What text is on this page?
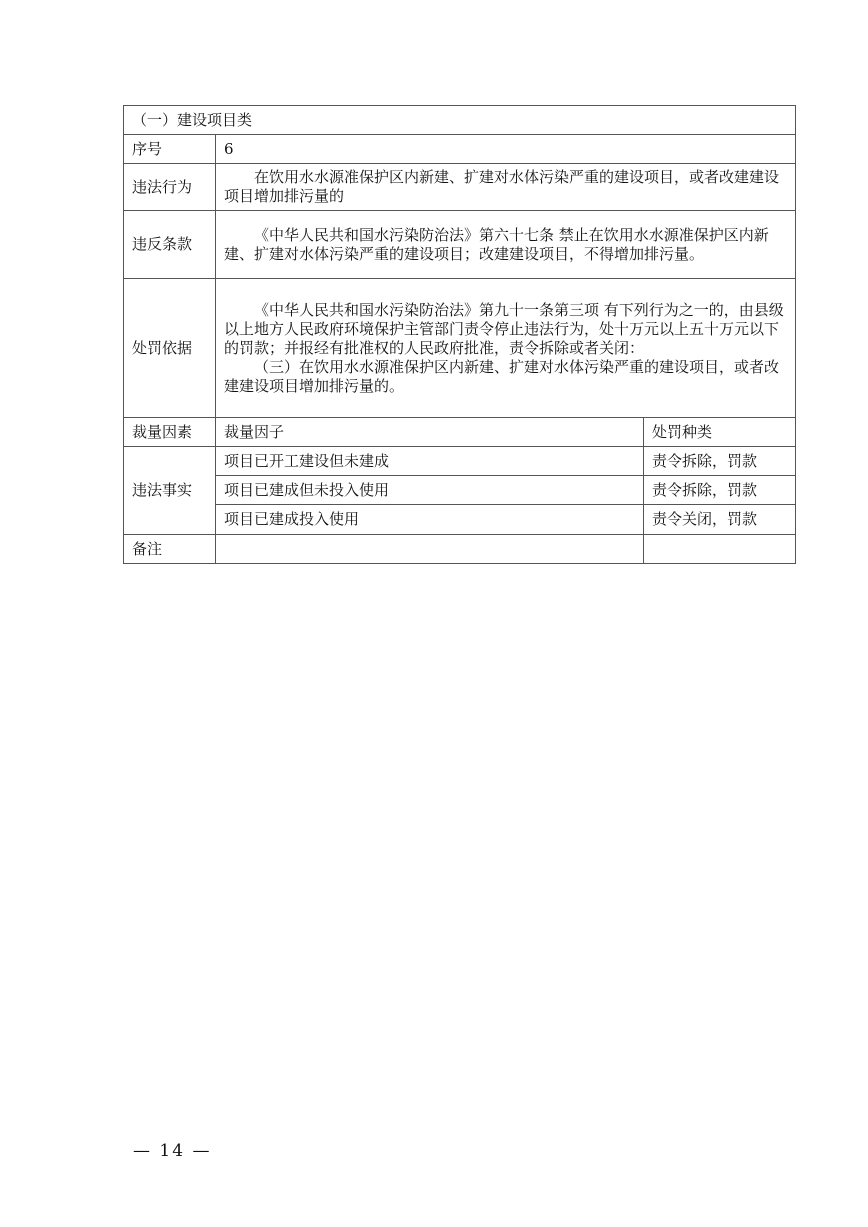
（一）建设项目类		
序号	6	
违法行为	在饮用水水源准保护区内新建、扩建对水体污染严重的建设项目，或者改建建设项目增加排污量的	
违反条款	《中华人民共和国水污染防治法》第六十七条 禁止在饮用水水源准保护区内新建、扩建对水体污染严重的建设项目；改建建设项目，不得增加排污量。	
处罚依据	《中华人民共和国水污染防治法》第九十一条第三项 有下列行为之一的，由县级以上地方人民政府环境保护主管部门责令停止违法行为，处十万元以上五十万元以下的罚款；并报经有批准权的人民政府批准，责令拆除或者关闭：

（三）在饮用水水源准保护区内新建、扩建对水体污染严重的建设项目，或者改建建设项目增加排污量的。	

裁量因素	裁量因子	处罚种类
违法事实	项目已开工建设但未建成	责令拆除，罚款
	项目已建成但未投入使用	责令拆除，罚款
	项目已建成投入使用	责令关闭，罚款
备注		
— 14 —
